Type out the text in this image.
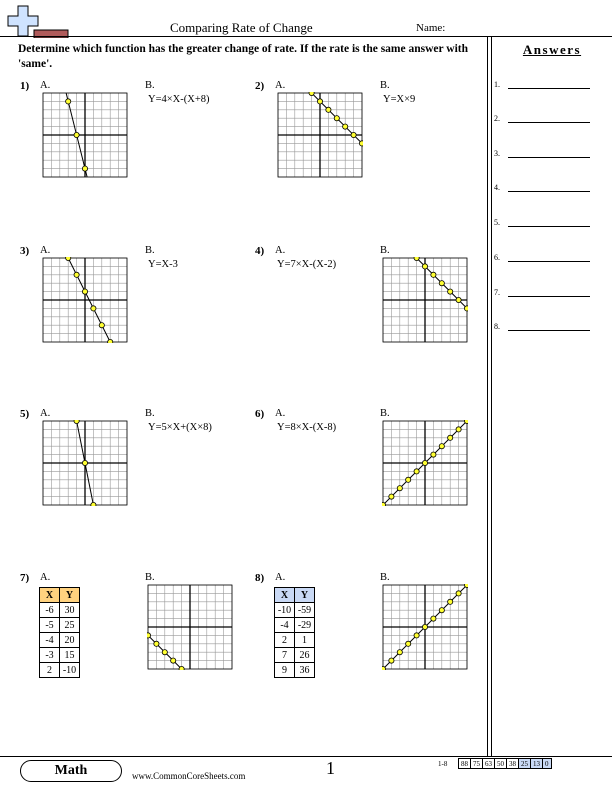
Comparing Rate of Change	Name:
Determine which function has the greater change of rate. If the rate is the same answer with 'same'.
Answers
1.
2.
3.
4.
5.
6.
7.
8.
1) A.	B.
Y=4×X-(X+8)
2) A.	B.
Y=X×9
3) A.	B.
Y=X-3
4) A.	B.
Y=7×X-(X-2)
5) A.	B.
Y=5×X+(X×8)
6) A.	B.
Y=8×X-(X-8)
7) A.	B.
X	Y
-6	30
-5	25
-4	20
-3	15
2	-10
8) A.	B.
X	Y
-10	-59
-4	-29
2	1
7	26
9	36
Math	www.CommonCoreSheets.com	1	1-8 88	75	63	50	38	25	13	0
